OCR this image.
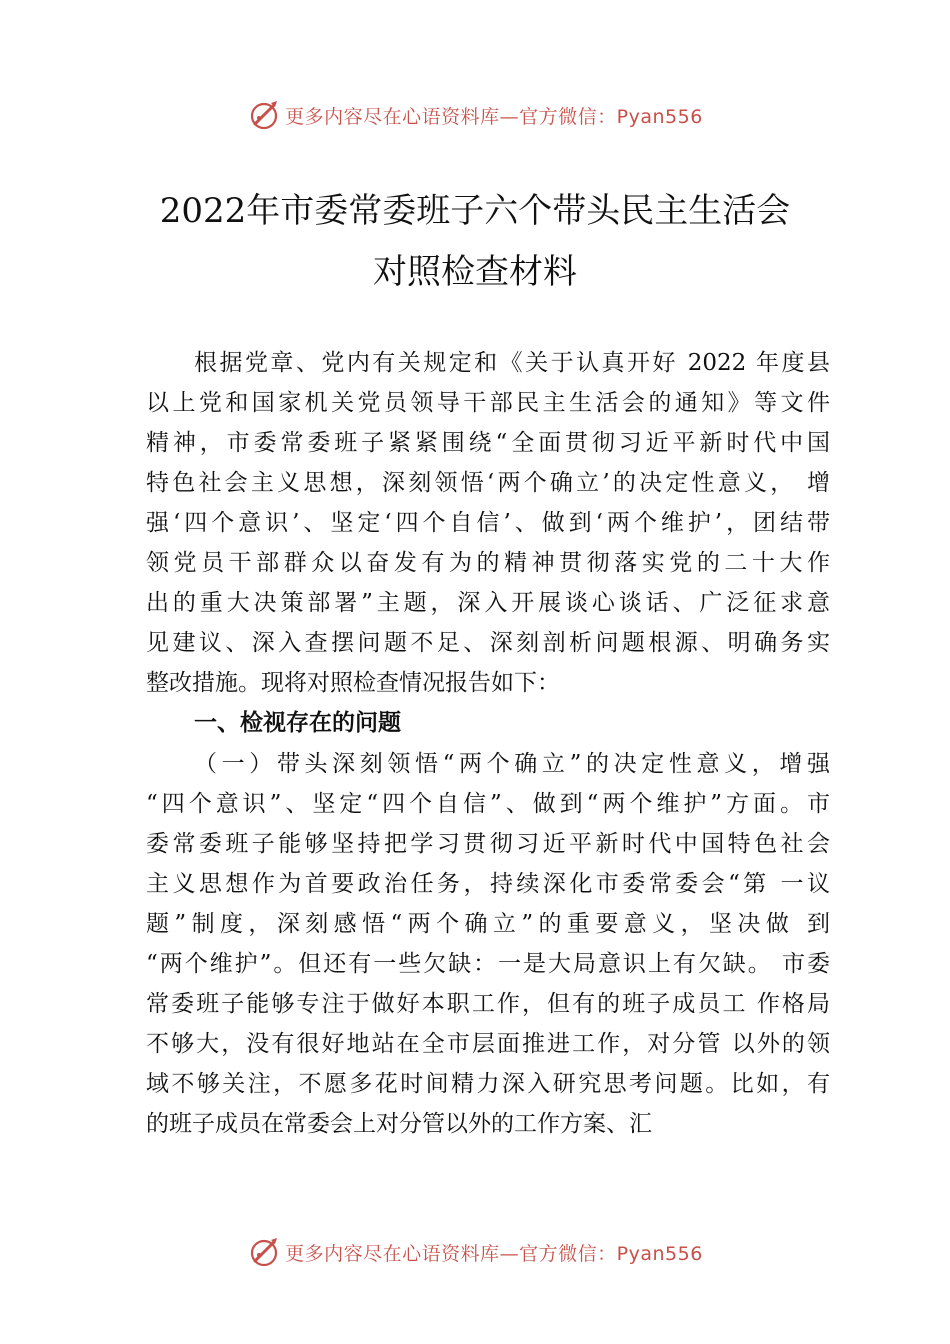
更多内容尽在心语资料库—官方微信：Pyan556
2022年市委常委班子六个带头民主生活会
对照检查材料
根据党章、党内有关规定和《关于认真开好 2022 年度县
以上党和国家机关党员领导干部民主生活会的通知》等文件
精神，市委常委班子紧紧围绕“全面贯彻习近平新时代中国
特色社会主义思想，深刻领悟‘两个确立’的决定性意义， 增
强‘四个意识’、坚定‘四个自信’、做到‘两个维护’，团结带
领党员干部群众以奋发有为的精神贯彻落实党的二十大作
出的重大决策部署”主题，深入开展谈心谈话、广泛征求意
见建议、深入查摆问题不足、深刻剖析问题根源、明确务实
整改措施。现将对照检查情况报告如下：
一、检视存在的问题
（一）带头深刻领悟“两个确立”的决定性意义，增强
“四个意识”、坚定“四个自信”、做到“两个维护”方面。市
委常委班子能够坚持把学习贯彻习近平新时代中国特色社会
主义思想作为首要政治任务，持续深化市委常委会“第 一议
题”制度，深刻感悟“两个确立”的重要意义，坚决做 到
“两个维护”。但还有一些欠缺：一是大局意识上有欠缺。 市委
常委班子能够专注于做好本职工作，但有的班子成员工 作格局
不够大，没有很好地站在全市层面推进工作，对分管 以外的领
域不够关注，不愿多花时间精力深入研究思考问题。比如，有
的班子成员在常委会上对分管以外的工作方案、汇
更多内容尽在心语资料库—官方微信：Pyan556
